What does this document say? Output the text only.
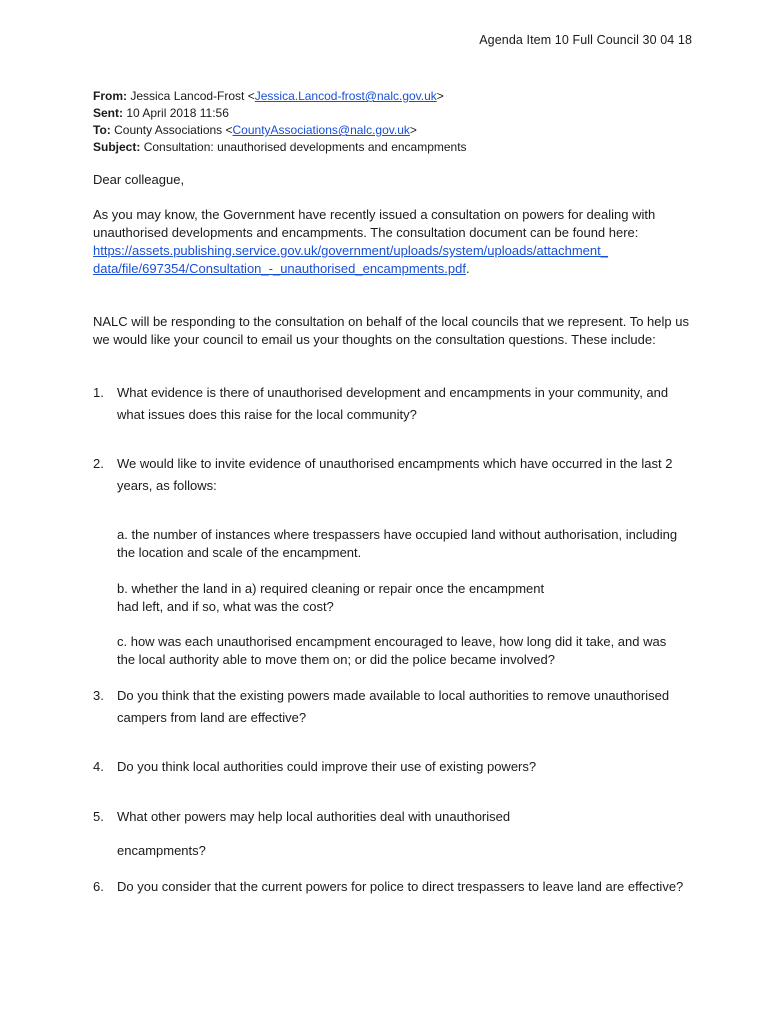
Agenda Item 10 Full Council 30 04 18
From: Jessica Lancod-Frost <Jessica.Lancod-frost@nalc.gov.uk>
Sent: 10 April 2018 11:56
To: County Associations <CountyAssociations@nalc.gov.uk>
Subject: Consultation: unauthorised developments and encampments
Dear colleague,
As you may know, the Government have recently issued a consultation on powers for dealing with unauthorised developments and encampments. The consultation document can be found here:
https://assets.publishing.service.gov.uk/government/uploads/system/uploads/attachment_
data/file/697354/Consultation_-_unauthorised_encampments.pdf.
NALC will be responding to the consultation on behalf of the local councils that we represent. To help us we would like your council to email us your thoughts on the consultation questions. These include:
1. What evidence is there of unauthorised development and encampments in your community, and what issues does this raise for the local community?
2. We would like to invite evidence of unauthorised encampments which have occurred in the last 2 years, as follows:
a. the number of instances where trespassers have occupied land without authorisation, including the location and scale of the encampment.
b. whether the land in a) required cleaning or repair once the encampment
had left, and if so, what was the cost?
c. how was each unauthorised encampment encouraged to leave, how long did it take, and was the local authority able to move them on; or did the police became involved?
3. Do you think that the existing powers made available to local authorities to remove unauthorised campers from land are effective?
4. Do you think local authorities could improve their use of existing powers?
5. What other powers may help local authorities deal with unauthorised
encampments?
6. Do you consider that the current powers for police to direct trespassers to leave land are effective?
